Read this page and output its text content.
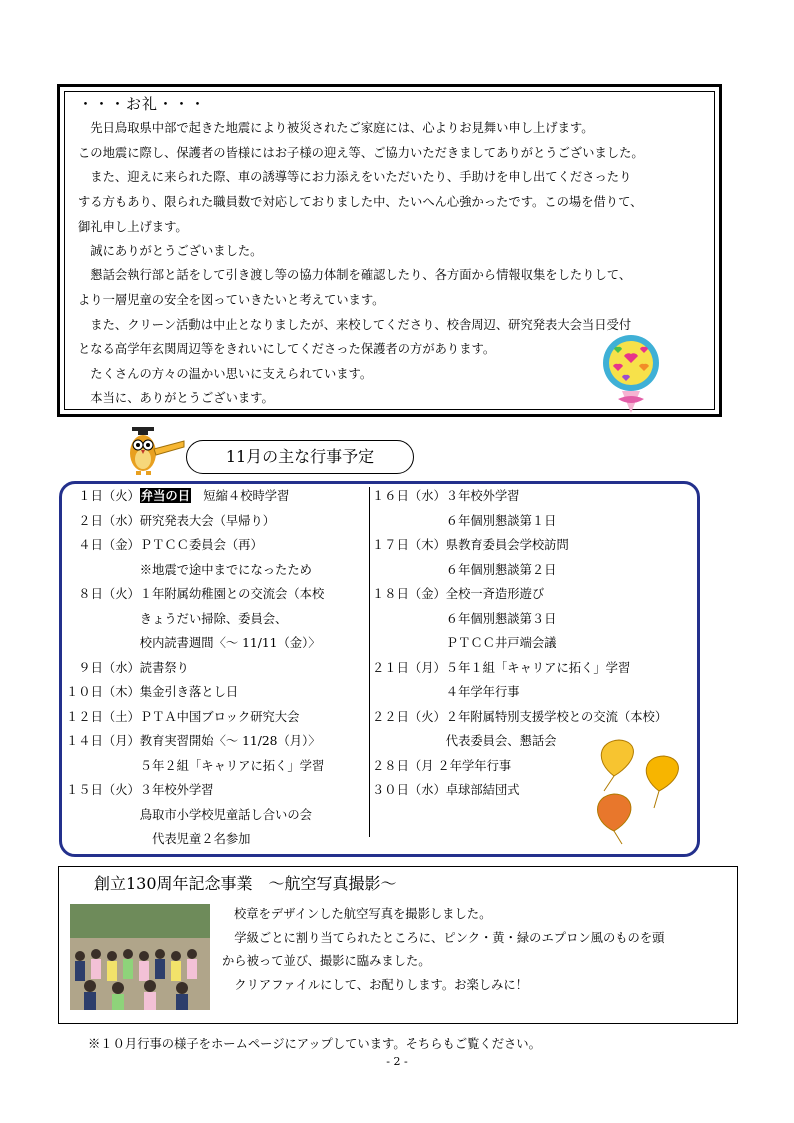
・・・お礼・・・
　先日鳥取県中部で起きた地震により被災されたご家庭には、心よりお見舞い申し上げます。
この地震に際し、保護者の皆様にはお子様の迎え等、ご協力いただきましてありがとうございました。
　また、迎えに来られた際、車の誘導等にお力添えをいただいたり、手助けを申し出てくださったり
する方もあり、限られた職員数で対応しておりました中、たいへん心強かったです。この場を借りて、
御礼申し上げます。
　誠にありがとうございました。
　懇話会執行部と話をして引き渡し等の協力体制を確認したり、各方面から情報収集をしたりして、
より一層児童の安全を図っていきたいと考えています。
　また、クリーン活動は中止となりましたが、来校してくださり、校舎周辺、研究発表大会当日受付
となる高学年玄関周辺等をきれいにしてくださった保護者の方があります。
　たくさんの方々の温かい思いに支えられています。
　本当に、ありがとうございます。
11月の主な行事予定
　１日（火）弁当の日　短縮４校時学習
　２日（水）研究発表大会（早帰り）
　４日（金）ＰＴＣＣ委員会（再）
　　　　　　※地震で途中までになったため
　８日（火）１年附属幼稚園との交流会（本校
　　　　　　きょうだい掃除、委員会、
　　　　　　校内読書週間〈～ 11/11（金）〉
　９日（水）読書祭り
１０日（木）集金引き落とし日
１２日（土）ＰＴＡ中国ブロック研究大会
１４日（月）教育実習開始〈～ 11/28（月）〉
　　　　　　５年２組「キャリアに拓く」学習
１５日（火）３年校外学習
　　　　　　鳥取市小学校児童話し合いの会
　　　　　　　代表児童２名参加
１６日（水）３年校外学習
　　　　　　６年個別懇談第１日
１７日（木）県教育委員会学校訪問
　　　　　　６年個別懇談第２日
１８日（金）全校一斉造形遊び
　　　　　　６年個別懇談第３日
　　　　　　ＰＴＣＣ井戸端会議
２１日（月）５年１組「キャリアに拓く」学習
　　　　　　４年学年行事
２２日（火）２年附属特別支援学校との交流（本校）
　　　　　　代表委員会、懇話会
２８日（月 ２年学年行事
３０日（水）卓球部結団式
創立130周年記念事業　～航空写真撮影～
校章をデザインした航空写真を撮影しました。
　学級ごとに割り当てられたところに、ピンク・黄・緑のエプロン風のものを頭
から被って並び、撮影に臨みました。
　クリアファイルにして、お配りします。お楽しみに！
※１０月行事の様子をホームページにアップしています。そちらもご覧ください。
- 2 -
